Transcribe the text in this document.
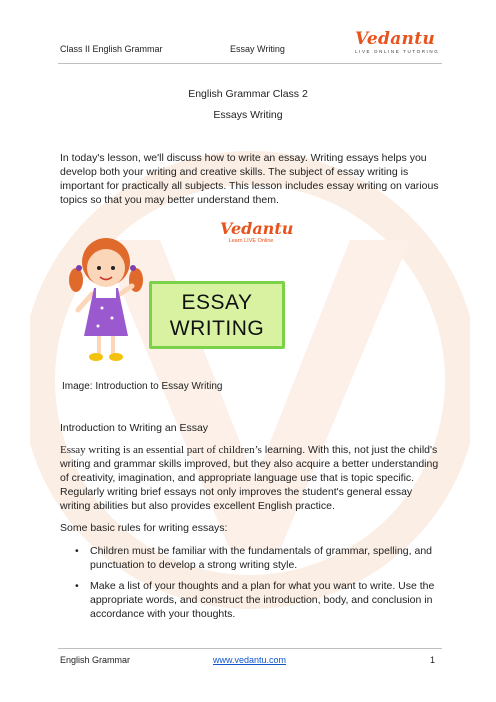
Class II English Grammar	Essay Writing	Vedantu
LIVE ONLINE TUTORING
English Grammar Class 2
Essays Writing
In today's lesson, we'll discuss how to write an essay. Writing essays helps you develop both your writing and creative skills. The subject of essay writing is important for practically all subjects. This lesson includes essay writing on various topics so that you may better understand them.
Vedantu
Learn LIVE Online
ESSAY
WRITING
Image: Introduction to Essay Writing
Introduction to Writing an Essay
Essay writing is an essential part of children’s learning. With this, not just the child's writing and grammar skills improved, but they also acquire a better understanding of creativity, imagination, and appropriate language use that is topic specific. Regularly writing brief essays not only improves the student's general essay writing abilities but also provides excellent English practice.
Some basic rules for writing essays:
• Children must be familiar with the fundamentals of grammar, spelling, and punctuation to develop a strong writing style.
• Make a list of your thoughts and a plan for what you want to write. Use the appropriate words, and construct the introduction, body, and conclusion in accordance with your thoughts.
English Grammar	www.vedantu.com	1
